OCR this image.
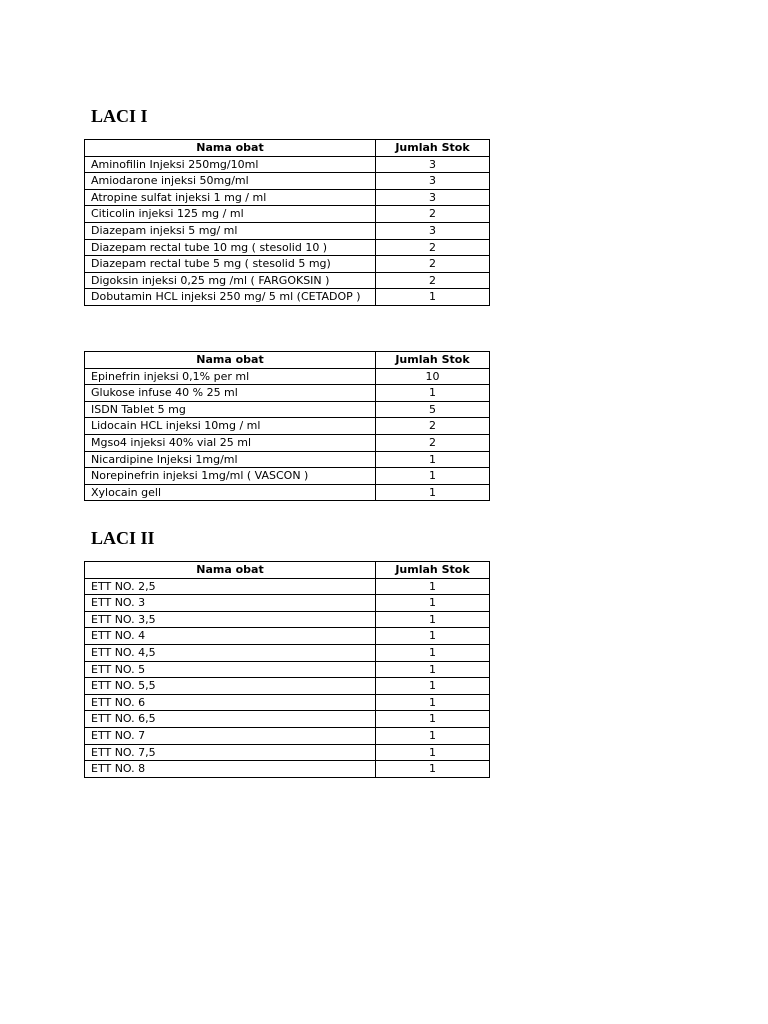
LACI I
Nama obat	Jumlah Stok
Aminofilin Injeksi 250mg/10ml	3
Amiodarone injeksi 50mg/ml	3
Atropine sulfat injeksi 1 mg / ml	3
Citicolin injeksi 125 mg / ml	2
Diazepam injeksi 5 mg/ ml	3
Diazepam rectal tube 10 mg ( stesolid 10 )	2
Diazepam rectal tube 5 mg ( stesolid 5 mg)	2
Digoksin injeksi 0,25 mg /ml ( FARGOKSIN )	2
Dobutamin HCL injeksi 250 mg/ 5 ml (CETADOP )	1
Nama obat	Jumlah Stok
Epinefrin injeksi 0,1% per ml	10
Glukose infuse 40 % 25 ml	1
ISDN Tablet 5 mg	5
Lidocain HCL injeksi 10mg / ml	2
Mgso4 injeksi 40% vial 25 ml	2
Nicardipine Injeksi 1mg/ml	1
Norepinefrin injeksi 1mg/ml ( VASCON )	1
Xylocain gell	1
LACI II
Nama obat	Jumlah Stok
ETT NO. 2,5	1
ETT NO. 3	1
ETT NO. 3,5	1
ETT NO. 4	1
ETT NO. 4,5	1
ETT NO. 5	1
ETT NO. 5,5	1
ETT NO. 6	1
ETT NO. 6,5	1
ETT NO. 7	1
ETT NO. 7,5	1
ETT NO. 8	1
